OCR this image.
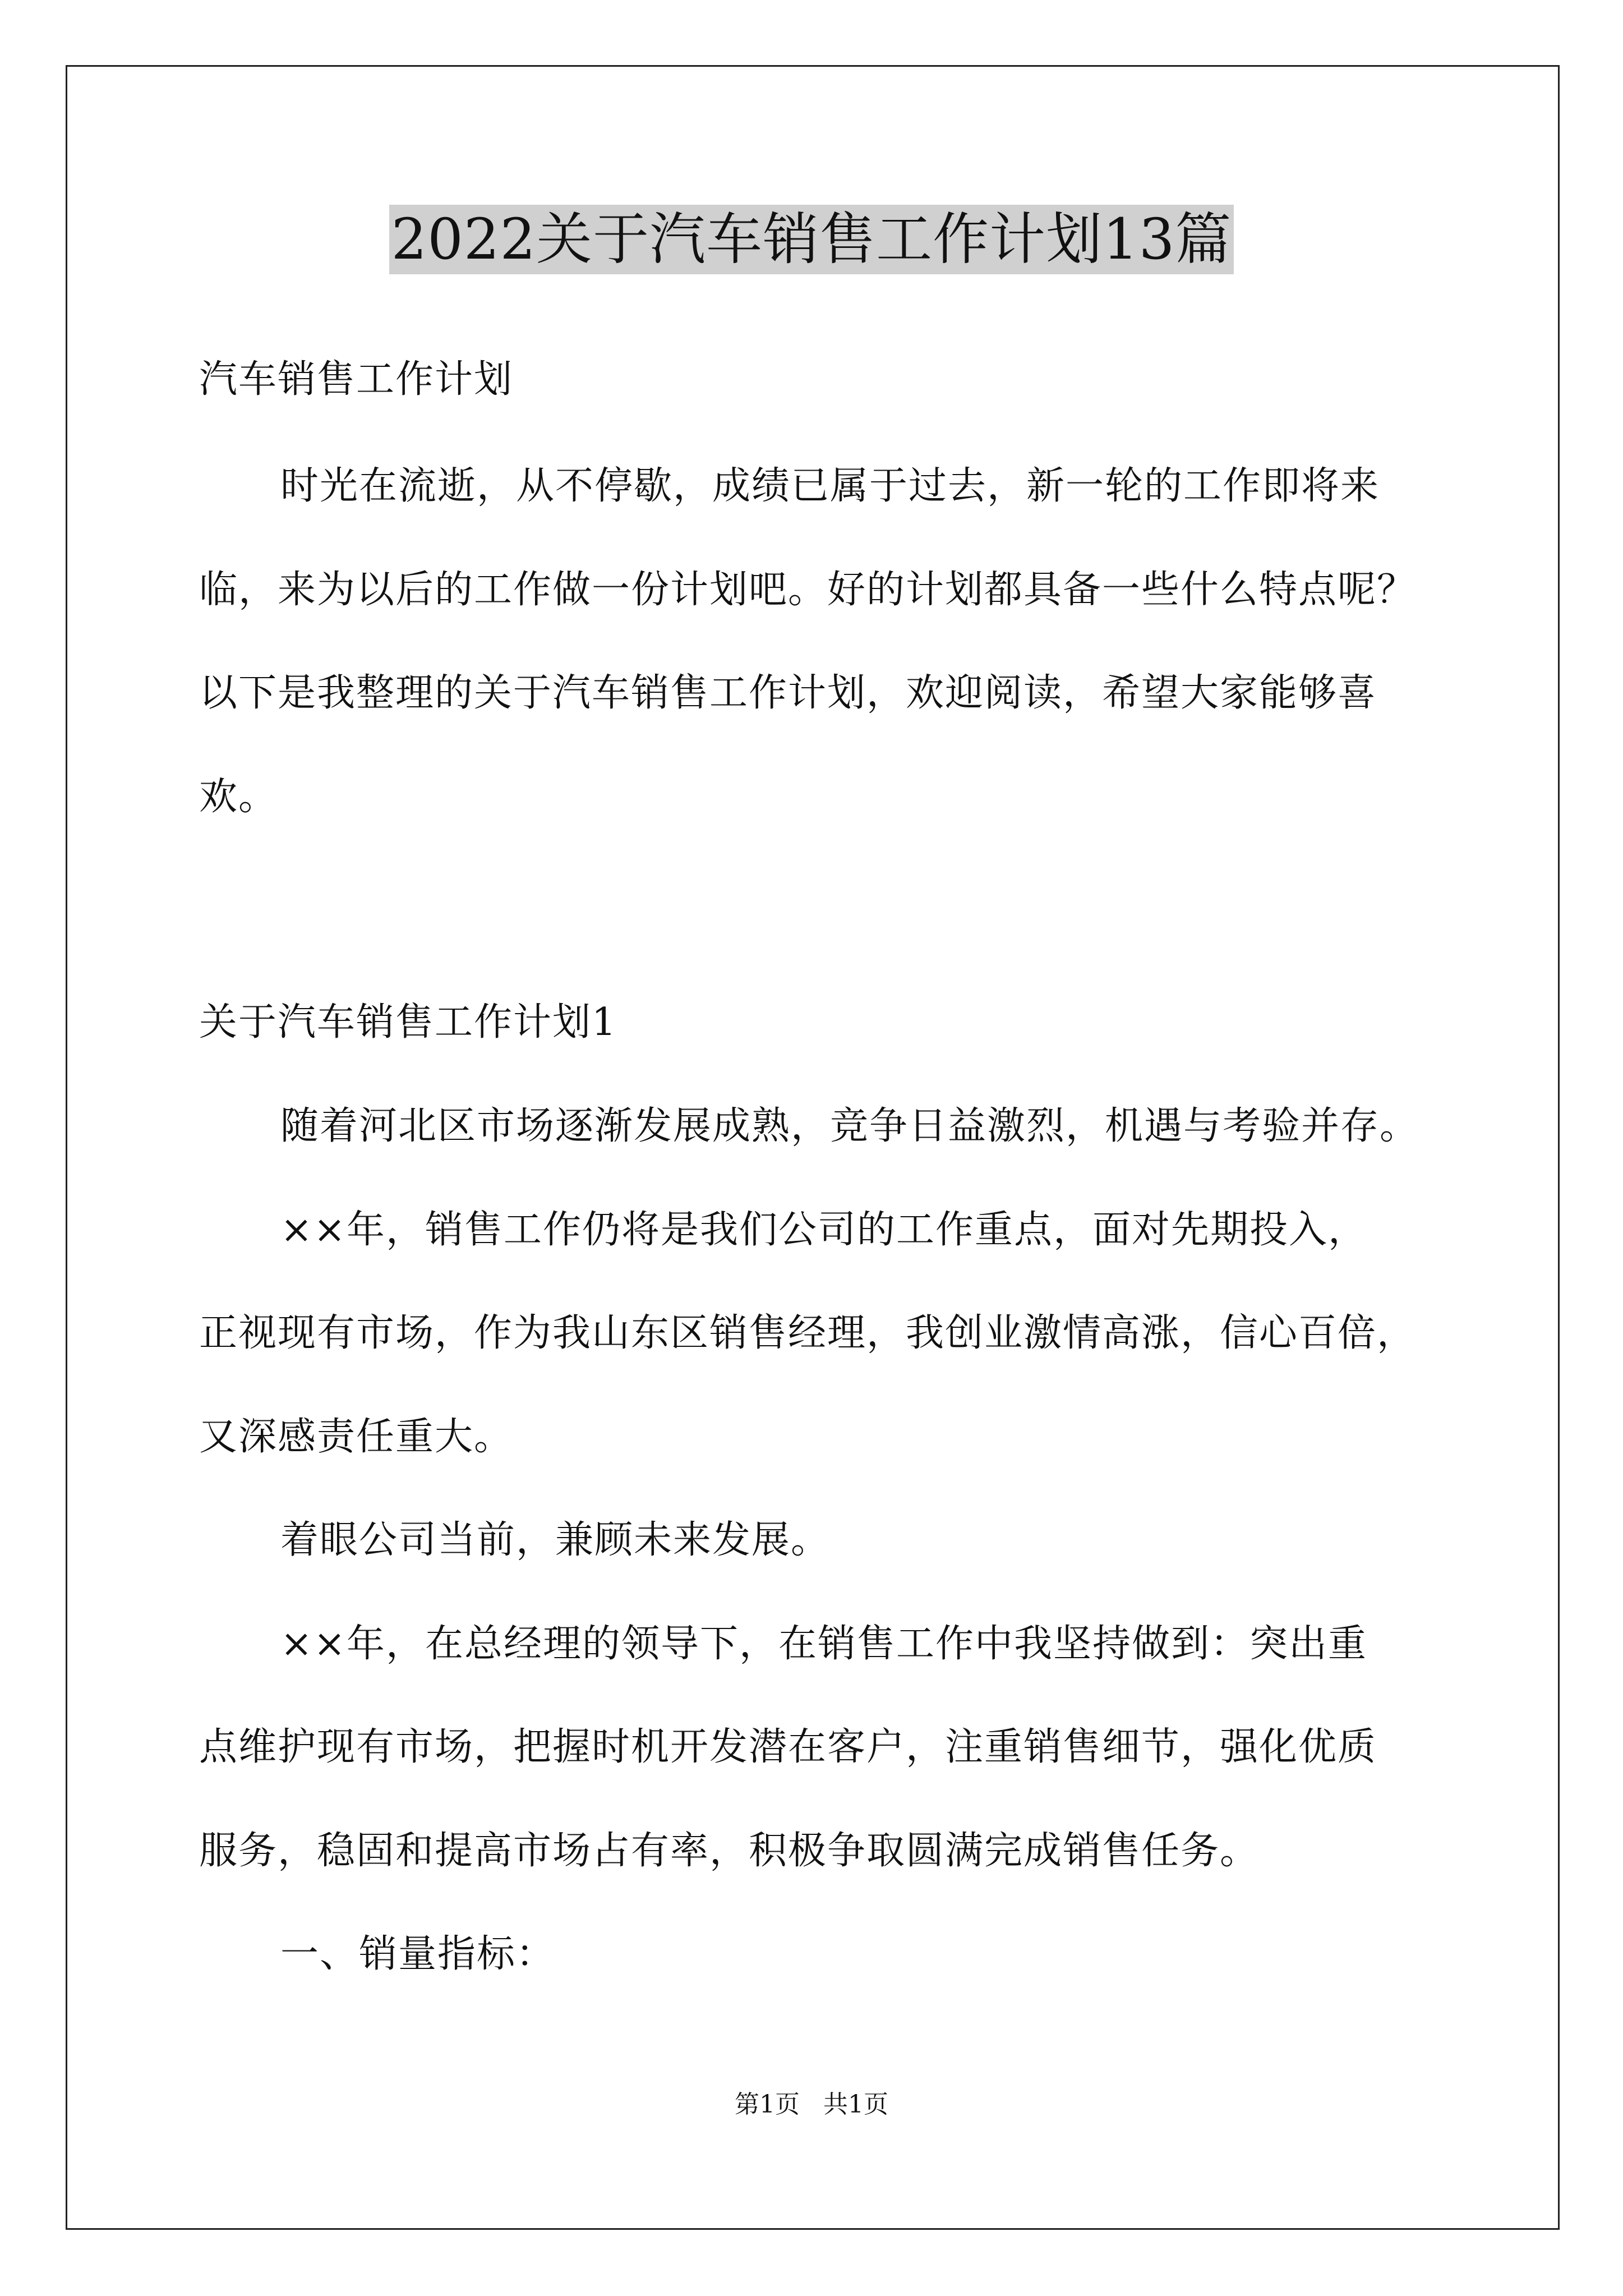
2022关于汽车销售工作计划13篇
汽车销售工作计划
时光在流逝，从不停歇，成绩已属于过去，新一轮的工作即将来
临，来为以后的工作做一份计划吧。好的计划都具备一些什么特点呢？
以下是我整理的关于汽车销售工作计划，欢迎阅读，希望大家能够喜
欢。
关于汽车销售工作计划1
随着河北区市场逐渐发展成熟，竞争日益激烈，机遇与考验并存。
××年，销售工作仍将是我们公司的工作重点，面对先期投入，
正视现有市场，作为我山东区销售经理，我创业激情高涨，信心百倍，
又深感责任重大。
着眼公司当前，兼顾未来发展。
××年，在总经理的领导下，在销售工作中我坚持做到：突出重
点维护现有市场，把握时机开发潜在客户，注重销售细节，强化优质
服务，稳固和提高市场占有率，积极争取圆满完成销售任务。
一、销量指标：
第1页   共1页
